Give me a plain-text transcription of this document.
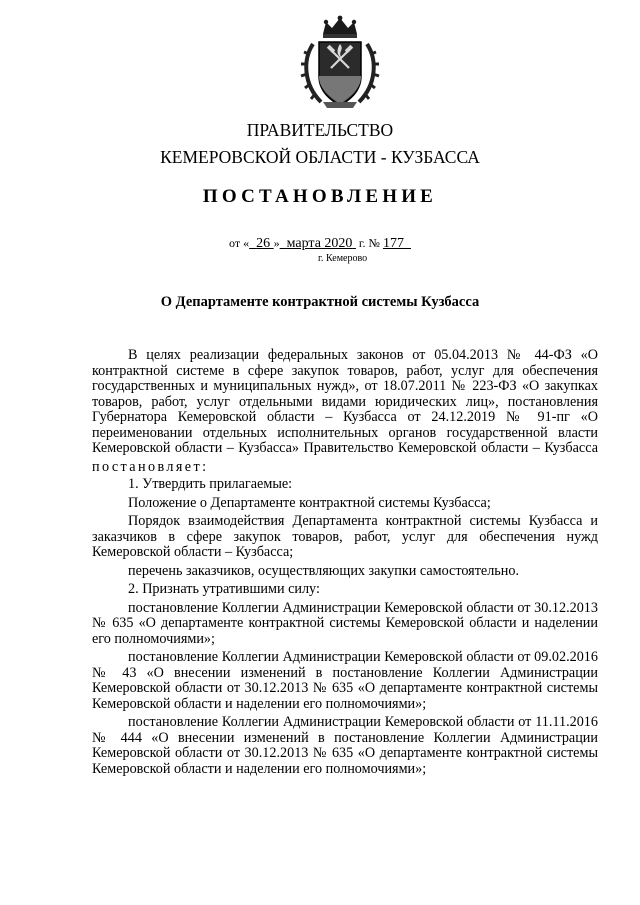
ПРАВИТЕЛЬСТВО
КЕМЕРОВСКОЙ ОБЛАСТИ - КУЗБАССА
ПОСТАНОВЛЕНИЕ
от « 26 » марта 2020 г. № 177
г. Кемерово
О Департаменте контрактной системы Кузбасса

В целях реализации федеральных законов от 05.04.2013 № 44-ФЗ «О контрактной системе в сфере закупок товаров, работ, услуг для обеспечения государственных и муниципальных нужд», от 18.07.2011 № 223-ФЗ «О закупках товаров, работ, услуг отдельными видами юридических лиц», постановления Губернатора Кемеровской области – Кузбасса от 24.12.2019 № 91-пг «О переименовании отдельных исполнительных органов государственной власти Кемеровской области – Кузбасса» Правительство Кемеровской области – Кузбасса

постановляет:

1. Утвердить прилагаемые:

Положение о Департаменте контрактной системы Кузбасса;

Порядок взаимодействия Департамента контрактной системы Кузбасса и заказчиков в сфере закупок товаров, работ, услуг для обеспечения нужд Кемеровской области – Кузбасса;

перечень заказчиков, осуществляющих закупки самостоятельно.

2. Признать утратившими силу:

постановление Коллегии Администрации Кемеровской области от 30.12.2013 № 635 «О департаменте контрактной системы Кемеровской области и наделении его полномочиями»;

постановление Коллегии Администрации Кемеровской области от 09.02.2016 № 43 «О внесении изменений в постановление Коллегии Администрации Кемеровской области от 30.12.2013 № 635 «О департаменте контрактной системы Кемеровской области и наделении его полномочиями»;

постановление Коллегии Администрации Кемеровской области от 11.11.2016 № 444 «О внесении изменений в постановление Коллегии Администрации Кемеровской области от 30.12.2013 № 635 «О департаменте контрактной системы Кемеровской области и наделении его полномочиями»;
